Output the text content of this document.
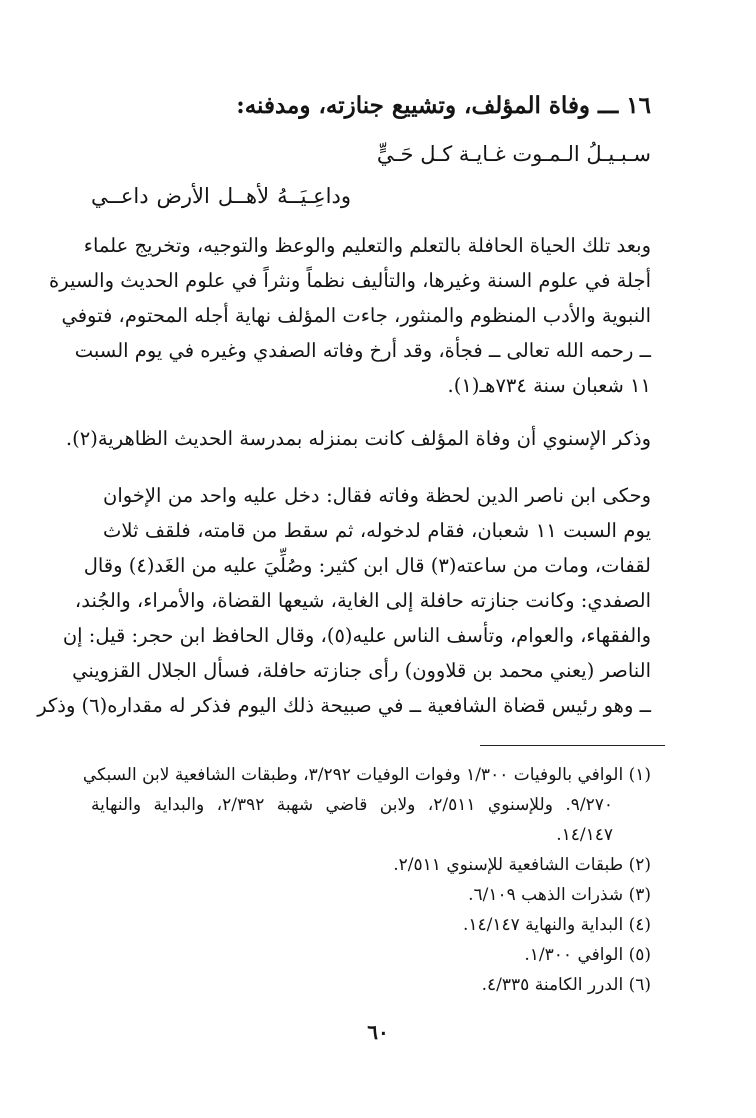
١٦ ـــ وفاة المؤلف، وتشييع جنازته، ومدفنه:
سـبـيـلُ الـمـوت غـايـة كـل حَـيٍّ
وداعِـيَــهُ
لأهــل
الأرض
داعــي
وبعد تلك الحياة الحافلة بالتعلم والتعليم والوعظ والتوجيه، وتخريج علماء
أجلة في علوم السنة وغيرها، والتأليف نظماً ونثراً في علوم الحديث والسيرة
النبوية والأدب المنظوم والمنثور، جاءت المؤلف نهاية أجله المحتوم، فتوفي
ــ رحمه الله تعالى ــ فجأة، وقد أرخ وفاته الصفدي وغيره في يوم السبت
١١ شعبان سنة ٧٣٤هـ(١).
وذكر الإسنوي أن وفاة المؤلف كانت بمنزله بمدرسة الحديث الظاهرية(٢).
وحكى ابن ناصر الدين لحظة وفاته فقال: دخل عليه واحد من الإخوان
يوم السبت ١١ شعبان، فقام لدخوله، ثم سقط من قامته، فلقف ثلاث
لقفات، ومات من ساعته(٣) قال ابن كثير: وصُلِّيَ عليه من الغَد(٤) وقال
الصفدي: وكانت جنازته حافلة إلى الغاية، شيعها القضاة، والأمراء، والجُند،
والفقهاء، والعوام، وتأسف الناس عليه(٥)، وقال الحافظ ابن حجر: قيل: إن
الناصر (يعني محمد بن قلاوون) رأى جنازته حافلة، فسأل الجلال القزويني
ــ وهو رئيس قضاة الشافعية ــ في صبيحة ذلك اليوم فذكر له مقداره(٦) وذكر
(١) الوافي بالوفيات ١/٣٠٠ وفوات الوفيات ٣/٢٩٢، وطبقات الشافعية لابن السبكي
٩/٢٧٠. وللإسنوي ٢/٥١١، ولابن قاضي شهبة ٢/٣٩٢، والبداية والنهاية
١٤/١٤٧.
(٢) طبقات الشافعية للإسنوي ٢/٥١١.
(٣) شذرات الذهب ٦/١٠٩.
(٤) البداية والنهاية ١٤/١٤٧.
(٥) الوافي ١/٣٠٠.
(٦) الدرر الكامنة ٤/٣٣٥.
٦٠
